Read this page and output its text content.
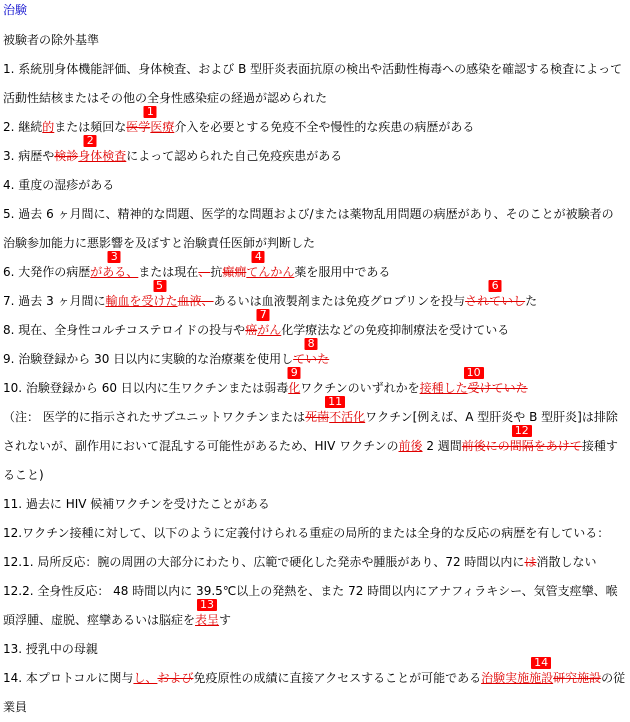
治験
被験者の除外基準
1. 系統別身体機能評価、身体検査、および B 型肝炎表面抗原の検出や活動性梅毒への感染を確認する検査によって
活動性結核またはその他の全身性感染症の経過が認められた
2. 継続的または頻回な
1
医学医療介入を必要とする免疫不全や慢性的な疾患の病歴がある
3. 病歴や
2
検診身体検査によって認められた自己免疫疾患がある
4. 重度の湿疹がある
5. 過去 6 ヶ月間に、精神的な問題、医学的な問題および/または薬物乱用問題の病歴があり、そのことが被験者の
治験参加能力に悪影響を及ぼすと治験責任医師が判断した
6. 大発作の病歴
3
がある、または現在、抗
4
癲癇てんかん薬を服用中である
7. 過去 3 ヶ月間に
5
輸血を受けた血液、あるいは血液製剤または免疫グロブリンを投与
6
されていした
8. 現在、全身性コルチコステロイドの投与や
7
癌がん化学療法などの免疫抑制療法を受けている
9. 治験登録から 30 日以内に実験的な治療薬を使用し
8
ていた
10. 治験登録から 60 日以内に生ワクチンまたは弱毒
9
化ワクチンのいずれかを
10
接種した受けていた
（注： 医学的に指示されたサブユニットワクチンまたは
11
死菌不活化ワクチン[例えば、A 型肝炎や B 型肝炎]は排除
されないが、副作用において混乱する可能性があるため、HIV ワクチンの前後 2 週間
12
前後にの間隔をあけて接種す
ること)
11. 過去に HIV 候補ワクチンを受けたことがある
12.ワクチン接種に対して、以下のように定義付けられる重症の局所的または全身的な反応の病歴を有している：
12.1. 局所反応：腕の周囲の大部分にわたり、広範で硬化した発赤や腫脹があり、72 時間以内には消散しない
12.2. 全身性反応： 48 時間以内に 39.5℃以上の発熱を、また 72 時間以内にアナフィラキシー、気管支痙攣、喉
頭浮腫、虚脱、痙攣あるいは脳症を
13
表呈す
13. 授乳中の母親
14. 本プロトコルに関与し、および免疫原性の成績に直接アクセスすることが可能である
14
治験実施施設研究施設の従
業員
